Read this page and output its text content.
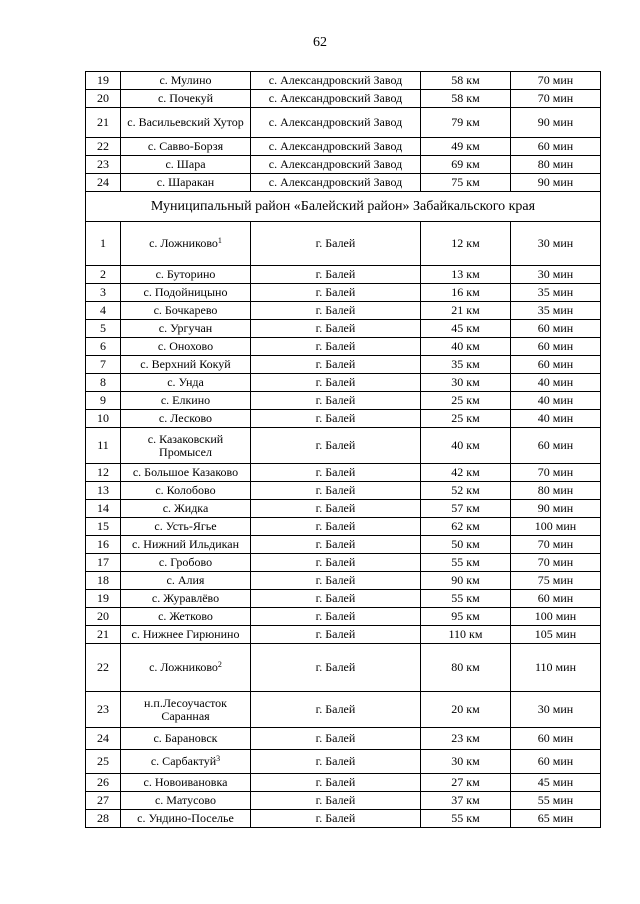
62
19	с. Мулино	с. Александровский Завод	58 км	70 мин
20	с. Почекуй	с. Александровский Завод	58 км	70 мин
21	с. Васильевский Хутор	с. Александровский Завод	79 км	90 мин
22	с. Савво-Борзя	с. Александровский Завод	49 км	60 мин
23	с. Шара	с. Александровский Завод	69 км	80 мин
24	с. Шаракан	с. Александровский Завод	75 км	90 мин
Муниципальный район «Балейский район» Забайкальского края				
1	с. Ложниково$^1$	г. Балей	12 км	30 мин
2	с. Буторино	г. Балей	13 км	30 мин
3	с. Подойницыно	г. Балей	16 км	35 мин
4	с. Бочкарево	г. Балей	21 км	35 мин
5	с. Ургучан	г. Балей	45 км	60 мин
6	с. Онохово	г. Балей	40 км	60 мин
7	с. Верхний Кокуй	г. Балей	35 км	60 мин
8	с. Унда	г. Балей	30 км	40 мин
9	с. Елкино	г. Балей	25 км	40 мин
10	с. Лесково	г. Балей	25 км	40 мин
11	с. Казаковский Промысел	г. Балей	40 км	60 мин
12	с. Большое Казаково	г. Балей	42 км	70 мин
13	с. Колобово	г. Балей	52 км	80 мин
14	с. Жидка	г. Балей	57 км	90 мин
15	с. Усть-Ягье	г. Балей	62 км	100 мин
16	с. Нижний Ильдикан	г. Балей	50 км	70 мин
17	с. Гробово	г. Балей	55 км	70 мин
18	с. Алия	г. Балей	90 км	75 мин
19	с. Журавлёво	г. Балей	55 км	60 мин
20	с. Жетково	г. Балей	95 км	100 мин
21	с. Нижнее Гирюнино	г. Балей	110 км	105 мин
22	с. Ложниково$^2$	г. Балей	80 км	110 мин
23	н.п.Лесоучасток Саранная	г. Балей	20 км	30 мин
24	с. Барановск	г. Балей	23 км	60 мин
25	с. Сарбактуй$^3$	г. Балей	30 км	60 мин
26	с. Новоивановка	г. Балей	27 км	45 мин
27	с. Матусово	г. Балей	37 км	55 мин
28	с. Ундино-Поселье	г. Балей	55 км	65 мин
